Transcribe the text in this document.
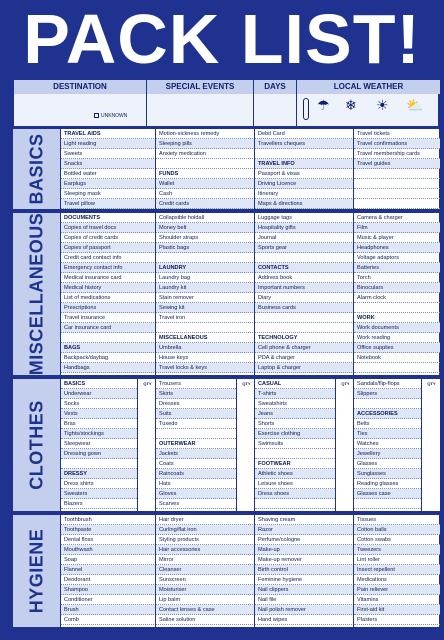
PACK LIST!
DESTINATION	SPECIAL EVENTS	DAYS	LOCAL WEATHER
UNKNOWN
☂ ❄ ☀ ⛅
BASICS	TRAVEL AIDS
Light reading
Sweets
Snacks
Bottled water
Earplugs
Sleeping mask
Travel pillow
Motion-sickness remedy
Sleeping pills
Anxiety medication
FUNDS
Wallet
Cash
Credit cards
Debit Card
Travellers cheques
TRAVEL INFO
Passport & visas
Driving Licence
Itinerary
Maps & directions
Travel tickets
Travel confirmations
Travel membership cards
Travel guides
MISCELLANEOUS	DOCUMENTS
Copies of travel docs
Copies of credit cards
Copies of passport
Credit card contact info
Emergency contact info
Medical insurance card
Medical history
List of medications
Prescriptions
Travel insurance
Car insurance card
BAGS
Backpack/daybag
Handbags
Collapsible holdall
Money belt
Shoulder straps
Plastic bags
LAUNDRY
Laundry bag
Laundry kit
Stain remover
Sewing kit
Travel iron
MISCELLANEOUS
Umbrella
House keys
Travel locks & keys
Luggage tags
Hospitality gifts
Journal
Sports gear
CONTACTS
Address book
Important numbers
Diary
Business cards
TECHNOLOGY
Cell phone & charger
PDA & charger
Laptop & charger
Camera & charger
Film
Music & player
Headphones
Voltage adaptors
Batteries
Torch
Binoculars
Alarm clock
WORK
Work documents
Work reading
Office supplies
Notebook
CLOTHES
QTY
BASICS
Underwear
Socks
Vests
Bras
Tights/stockings
Sleepwear
Dressing gown
DRESSY
Dress shirts
Sweaters
Blazers
QTY
Trousers
Skirts
Dresses
Suits
Tuxedo
OUTERWEAR
Jackets
Coats
Raincoats
Hats
Gloves
Scarves
QTY
CASUAL
T-shirts
Sweatshirts
Jeans
Shorts
Exercise clothing
Swimsuits
FOOTWEAR
Athletic shoes
Leisure shoes
Dress shoes
QTY
Sandals/flip-flops
Slippers
ACCESSORIES
Belts
Ties
Watches
Jewellery
Glasses
Sunglasses
Reading glasses
Glasses case
HYGIENE
Toothbrush
Toothpaste
Dental floss
Mouthwash
Soap
Flannel
Deodorant
Shampoo
Conditioner
Brush
Comb
Hair dryer
Curling/flat iron
Styling products
Hair accessories
Mirror
Cleanser
Sunscreen
Moisturiser
Lip balm
Contact lenses & case
Saline solution
Shaving cream
Razor
Perfume/cologne
Make-up
Make-up remover
Birth control
Feminine hygiene
Nail clippers
Nail file
Nail polish remover
Hand wipes
Tissues
Cotton balls
Cotton swabs
Tweezers
Lint roller
Insect repellent
Medications
Pain reliever
Vitamins
First-aid kit
Plasters
